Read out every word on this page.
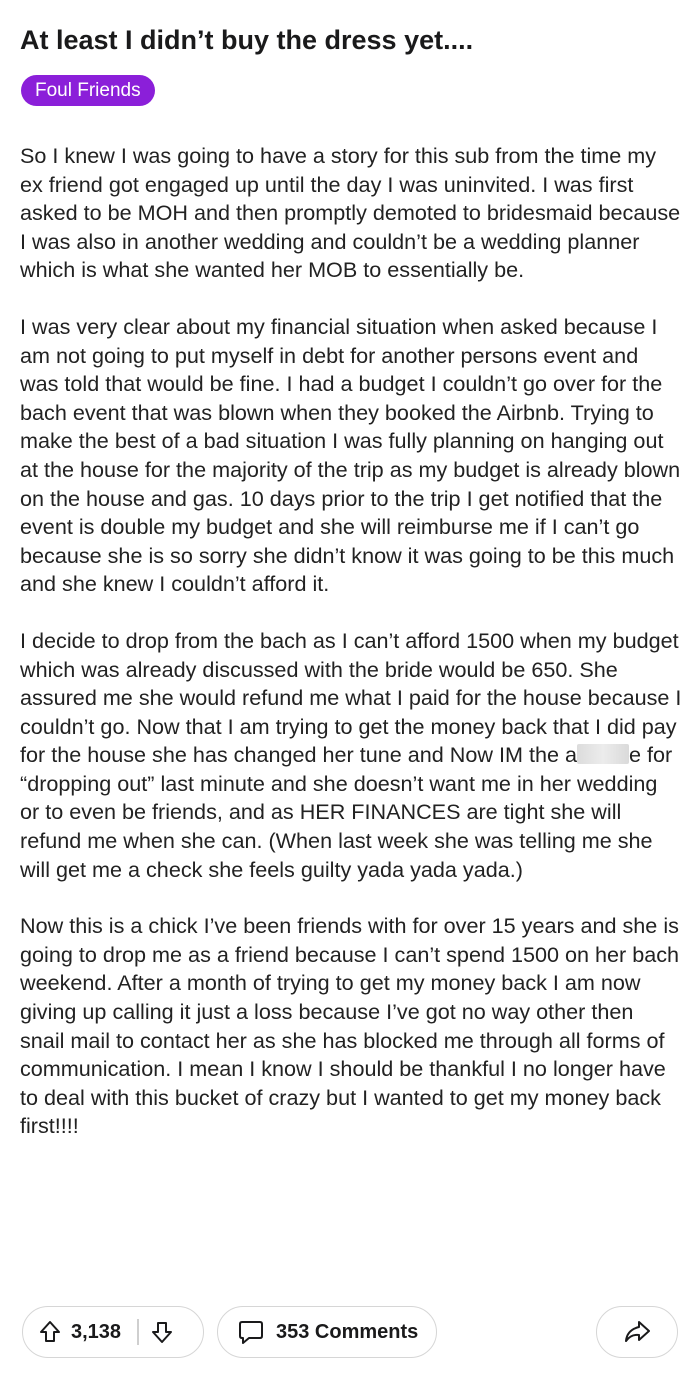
At least I didn’t buy the dress yet....
Foul Friends

So I knew I was going to have a story for this sub from the time my ex friend got engaged up until the day I was uninvited. I was first asked to be MOH and then promptly demoted to bridesmaid because I was also in another wedding and couldn’t be a wedding planner which is what she wanted her MOB to essentially be.

I was very clear about my financial situation when asked because I am not going to put myself in debt for another persons event and was told that would be fine. I had a budget I couldn’t go over for the bach event that was blown when they booked the Airbnb. Trying to make the best of a bad situation I was fully planning on hanging out at the house for the majority of the trip as my budget is already blown on the house and gas. 10 days prior to the trip I get notified that the event is double my budget and she will reimburse me if I can’t go because she is so sorry she didn’t know it was going to be this much and she knew I couldn’t afford it.

I decide to drop from the bach as I can’t afford 1500 when my budget which was already discussed with the bride would be 650. She assured me she would refund me what I paid for the house because I couldn’t go. Now that I am trying to get the money back that I did pay for the house she has changed her tune and Now IM the a e for “dropping out” last minute and she doesn’t want me in her wedding or to even be friends, and as HER FINANCES are tight she will refund me when she can. (When last week she was telling me she will get me a check she feels guilty yada yada yada.)

Now this is a chick I’ve been friends with for over 15 years and she is going to drop me as a friend because I can’t spend 1500 on her bach weekend. After a month of trying to get my money back I am now giving up calling it just a loss because I’ve got no way other then snail mail to contact her as she has blocked me through all forms of communication. I mean I know I should be thankful I no longer have to deal with this bucket of crazy but I wanted to get my money back first!!!!

3,138	353 Comments
